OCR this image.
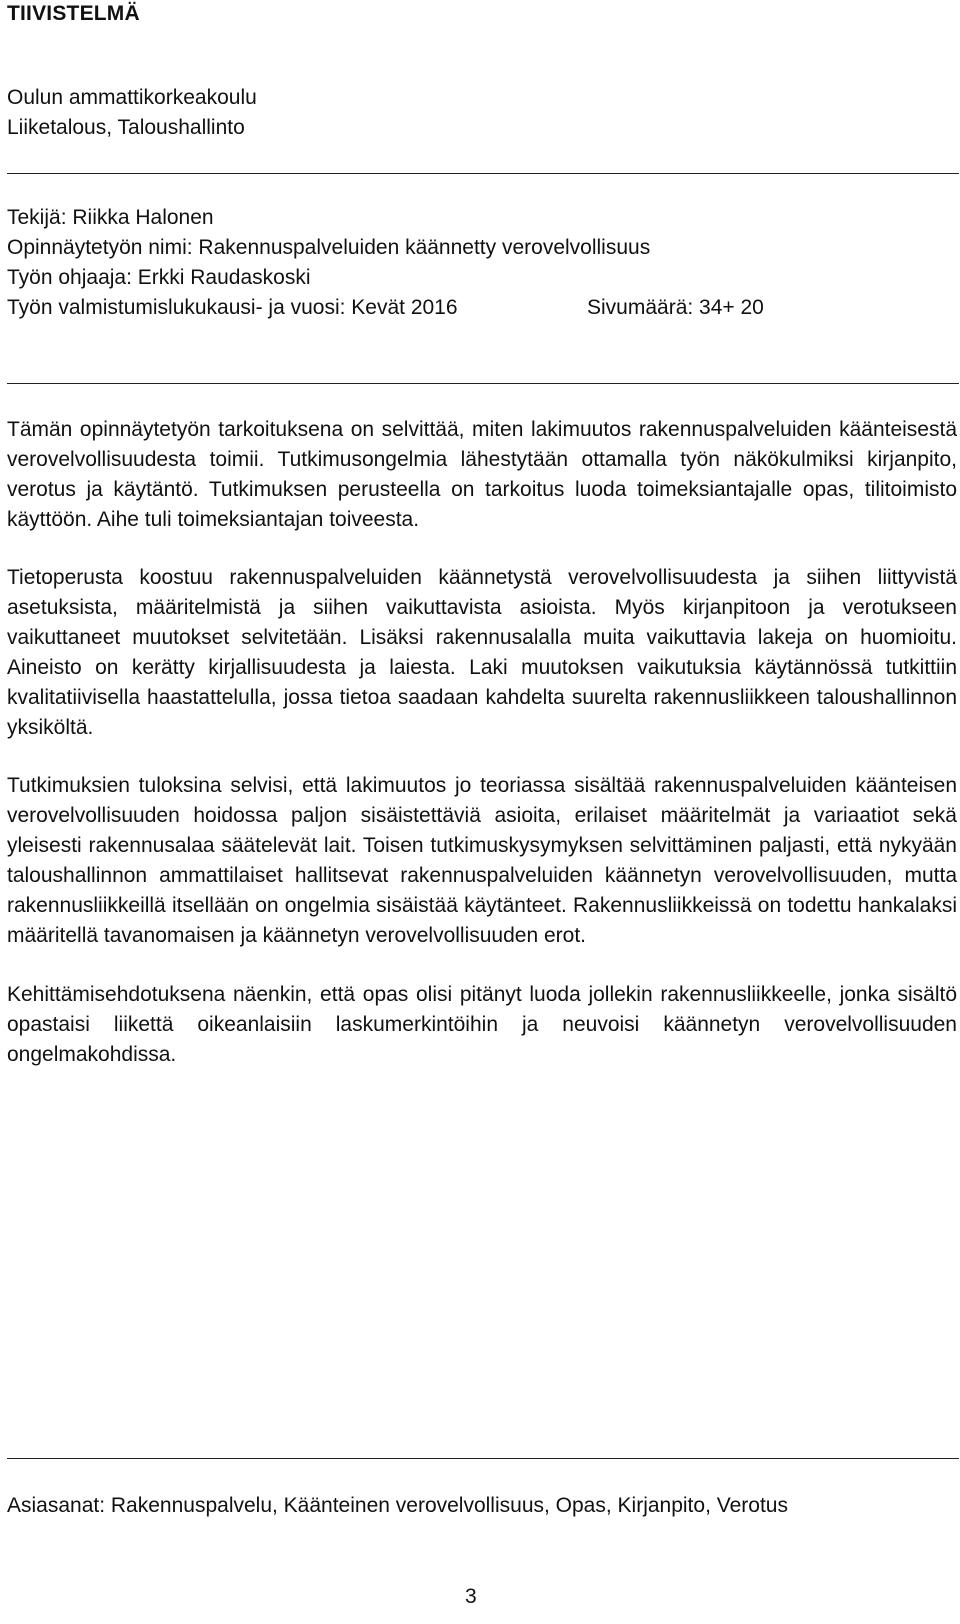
TIIVISTELMÄ
Oulun ammattikorkeakoulu
Liiketalous, Taloushallinto
Tekijä: Riikka Halonen
Opinnäytetyön nimi: Rakennuspalveluiden käännetty verovelvollisuus
Työn ohjaaja: Erkki Raudaskoski
Työn valmistumislukukausi- ja vuosi: Kevät 2016	Sivumäärä: 34+ 20

Tämän opinnäytetyön tarkoituksena on selvittää, miten lakimuutos rakennuspalveluiden käänteisestä verovelvollisuudesta toimii. Tutkimusongelmia lähestytään ottamalla työn näkökulmiksi kirjanpito, verotus ja käytäntö. Tutkimuksen perusteella on tarkoitus luoda toimeksiantajalle opas, tilitoimisto käyttöön. Aihe tuli toimeksiantajan toiveesta.

Tietoperusta koostuu rakennuspalveluiden käännetystä verovelvollisuudesta ja siihen liittyvistä asetuksista, määritelmistä ja siihen vaikuttavista asioista. Myös kirjanpitoon ja verotukseen vaikuttaneet muutokset selvitetään. Lisäksi rakennusalalla muita vaikuttavia lakeja on huomioitu. Aineisto on kerätty kirjallisuudesta ja laiesta. Laki muutoksen vaikutuksia käytännössä tutkittiin kvalitatiivisella haastattelulla, jossa tietoa saadaan kahdelta suurelta rakennusliikkeen taloushallinnon yksiköltä.

Tutkimuksien tuloksina selvisi, että lakimuutos jo teoriassa sisältää rakennuspalveluiden käänteisen verovelvollisuuden hoidossa paljon sisäistettäviä asioita, erilaiset määritelmät ja variaatiot sekä yleisesti rakennusalaa säätelevät lait. Toisen tutkimuskysymyksen selvittäminen paljasti, että nykyään taloushallinnon ammattilaiset hallitsevat rakennuspalveluiden käännetyn verovelvollisuuden, mutta rakennusliikkeillä itsellään on ongelmia sisäistää käytänteet. Rakennusliikkeissä on todettu hankalaksi määritellä tavanomaisen ja käännetyn verovelvollisuuden erot.

Kehittämisehdotuksena näenkin, että opas olisi pitänyt luoda jollekin rakennusliikkeelle, jonka sisältö opastaisi liikettä oikeanlaisiin laskumerkintöihin ja neuvoisi käännetyn verovelvollisuuden ongelmakohdissa.

Asiasanat: Rakennuspalvelu, Käänteinen verovelvollisuus, Opas, Kirjanpito, Verotus
3
